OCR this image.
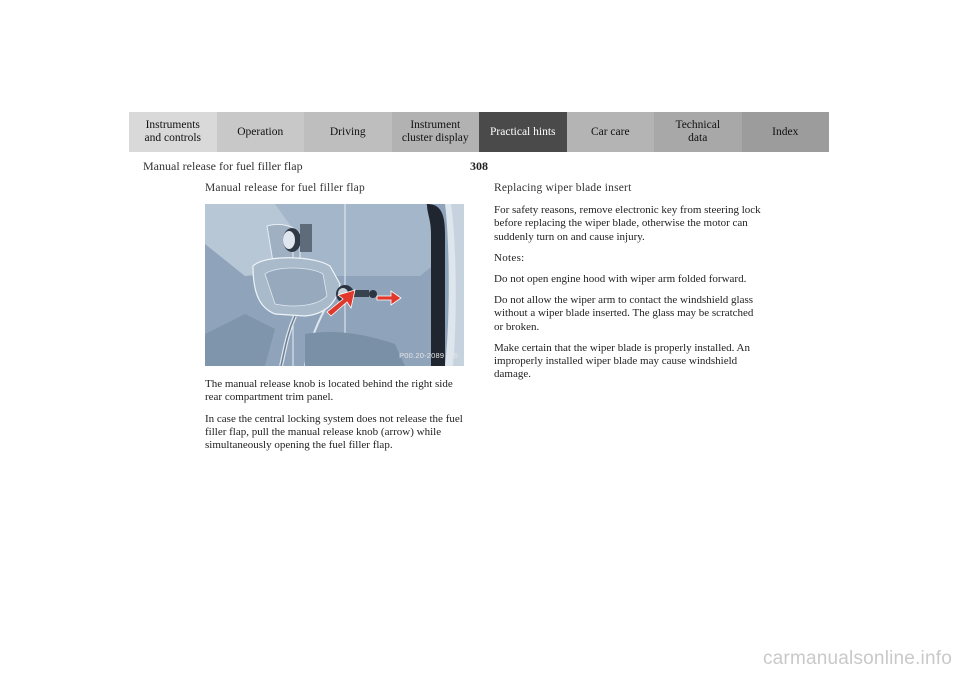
Instruments
and controls
Operation	Driving
Instrument
cluster display
Practical hints	Car care
Technical
data
Index
Manual release for fuel filler flap	308
Manual release for fuel filler flap
P00.20-2089 -26

The manual release knob is located behind the right side rear compartment trim panel.

In case the central locking system does not release the fuel filler flap, pull the manual release knob (arrow) while simultaneously opening the fuel filler flap.

Replacing wiper blade insert

For safety reasons, remove electronic key from steering lock before replacing the wiper blade, otherwise the motor can suddenly turn on and cause injury.

Notes:

Do not open engine hood with wiper arm folded forward.

Do not allow the wiper arm to contact the windshield glass without a wiper blade inserted. The glass may be scratched or broken.

Make certain that the wiper blade is properly installed. An improperly installed wiper blade may cause windshield damage.

carmanualsonline.info
